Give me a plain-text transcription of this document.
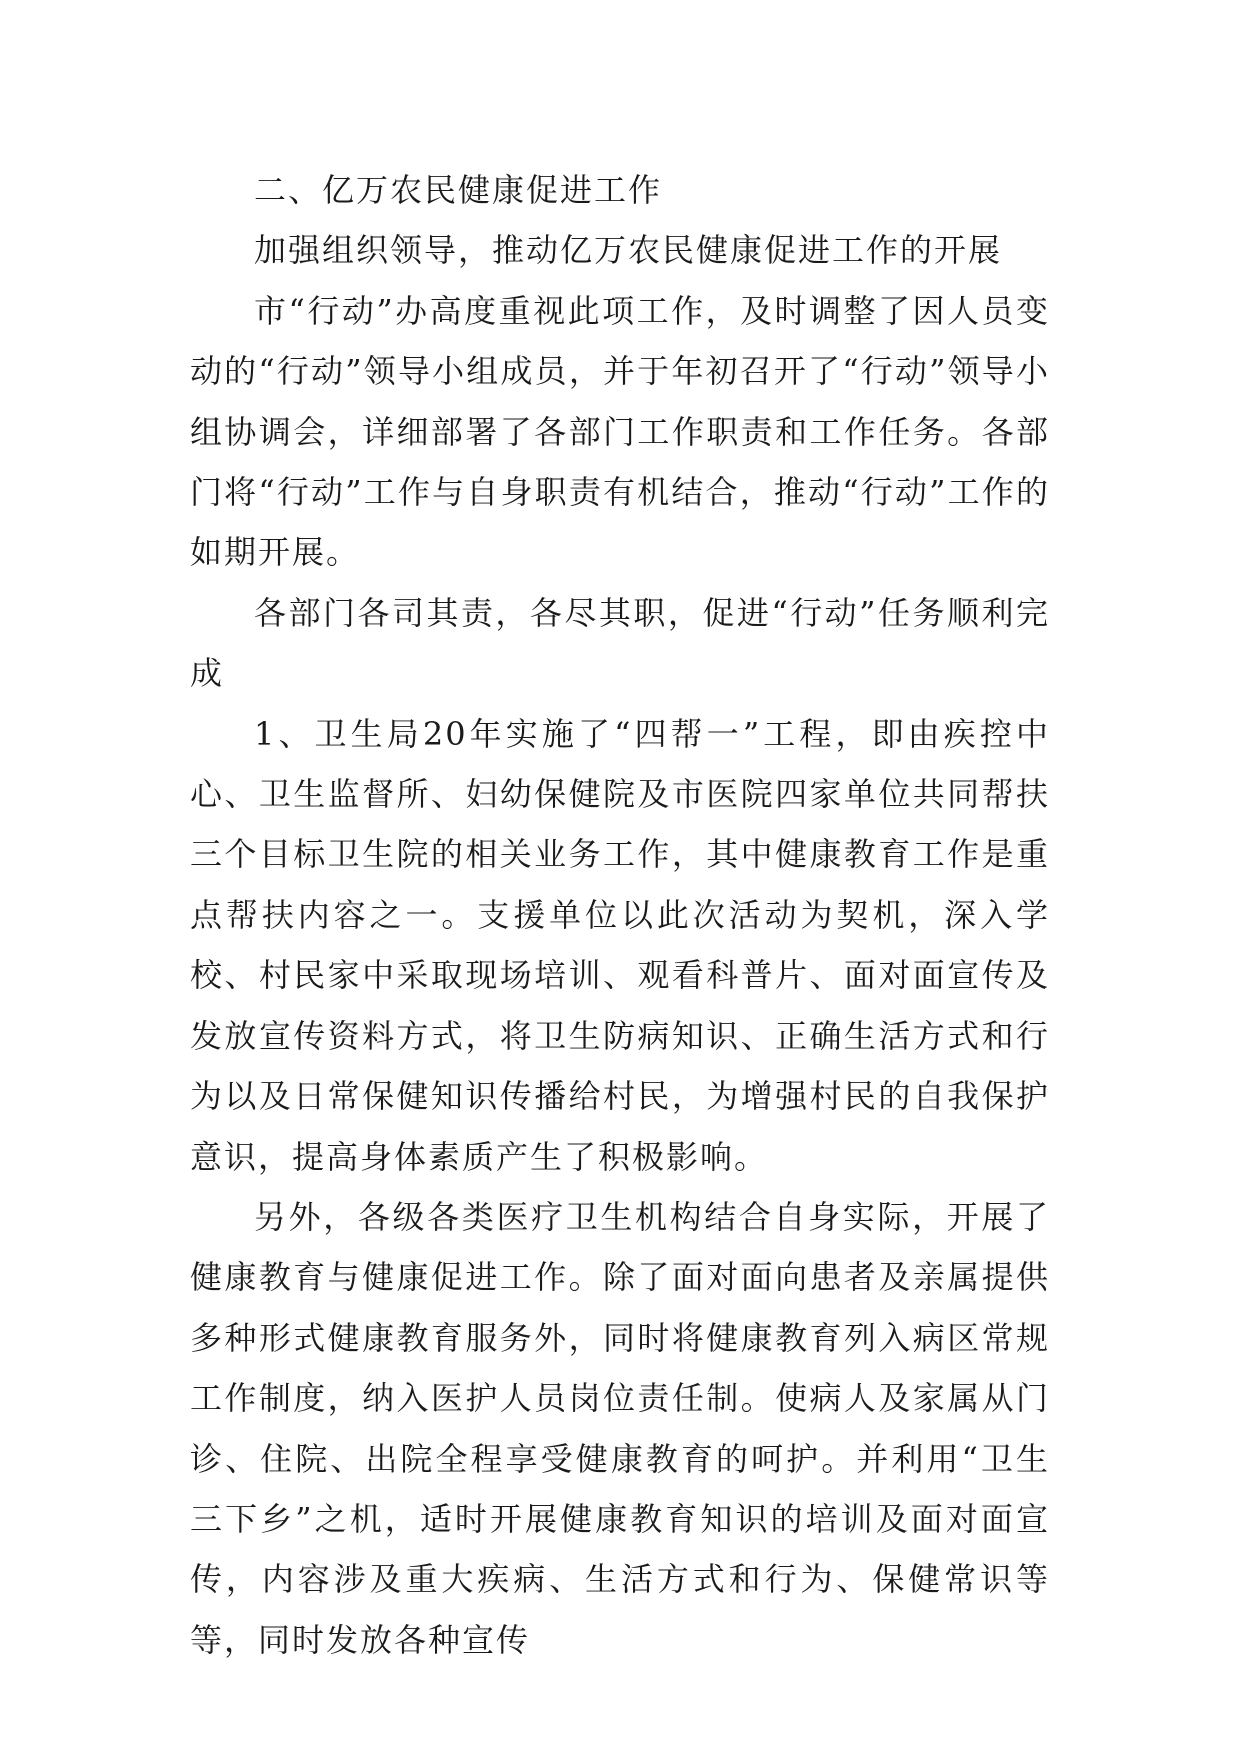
二、亿万农民健康促进工作

加强组织领导，推动亿万农民健康促进工作的开展

市“行动”办高度重视此项工作，及时调整了因人员变动的“行动”领导小组成员，并于年初召开了“行动”领导小组协调会，详细部署了各部门工作职责和工作任务。各部门将“行动”工作与自身职责有机结合，推动“行动”工作的如期开展。

各部门各司其责，各尽其职，促进“行动”任务顺利完成

1、卫生局20年实施了“四帮一”工程，即由疾控中心、卫生监督所、妇幼保健院及市医院四家单位共同帮扶三个目标卫生院的相关业务工作，其中健康教育工作是重点帮扶内容之一。支援单位以此次活动为契机，深入学校、村民家中采取现场培训、观看科普片、面对面宣传及发放宣传资料方式，将卫生防病知识、正确生活方式和行为以及日常保健知识传播给村民，为增强村民的自我保护意识，提高身体素质产生了积极影响。

另外，各级各类医疗卫生机构结合自身实际，开展了健康教育与健康促进工作。除了面对面向患者及亲属提供多种形式健康教育服务外，同时将健康教育列入病区常规工作制度，纳入医护人员岗位责任制。使病人及家属从门诊、住院、出院全程享受健康教育的呵护。并利用“卫生三下乡”之机，适时开展健康教育知识的培训及面对面宣传，内容涉及重大疾病、生活方式和行为、保健常识等等，同时发放各种宣传
